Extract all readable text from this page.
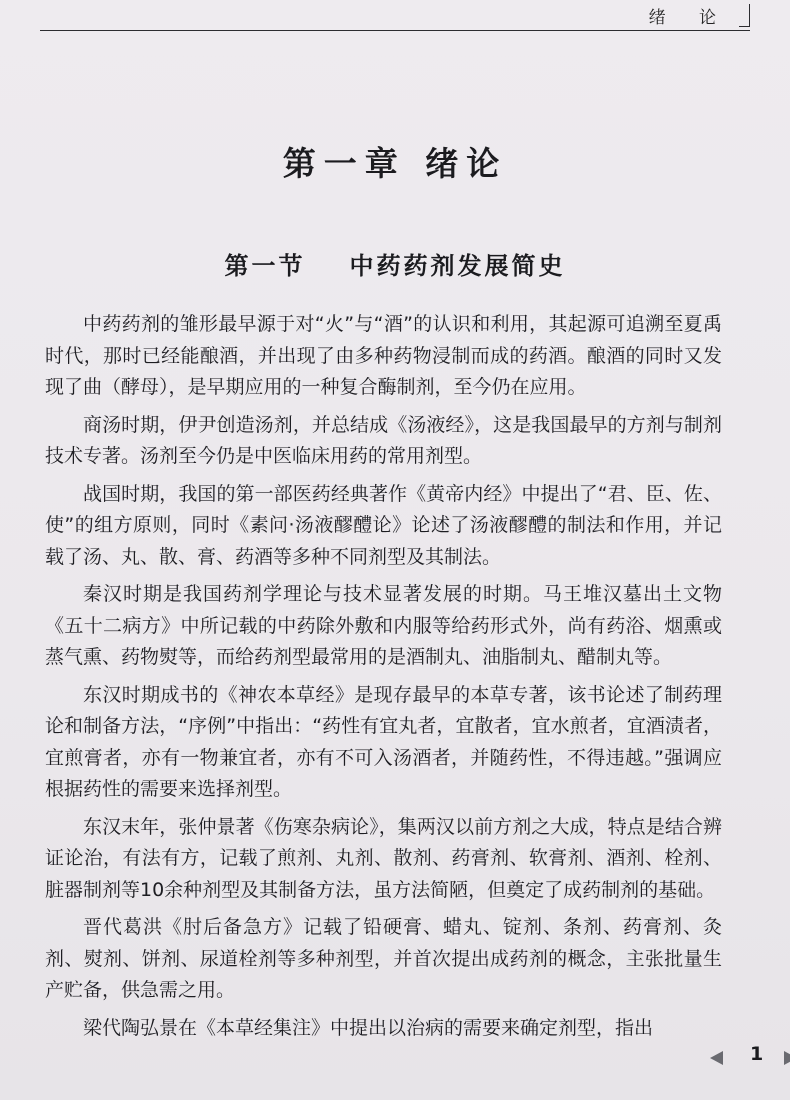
绪 论
第一章 绪论
第一节 中药药剂发展简史

中药药剂的雏形最早源于对“火”与“酒”的认识和利用，其起源可追溯至夏禹时代，那时已经能酿酒，并出现了由多种药物浸制而成的药酒。酿酒的同时又发现了曲（酵母），是早期应用的一种复合酶制剂，至今仍在应用。

商汤时期，伊尹创造汤剂，并总结成《汤液经》，这是我国最早的方剂与制剂技术专著。汤剂至今仍是中医临床用药的常用剂型。

战国时期，我国的第一部医药经典著作《黄帝内经》中提出了“君、臣、佐、使”的组方原则，同时《素问·汤液醪醴论》论述了汤液醪醴的制法和作用，并记载了汤、丸、散、膏、药酒等多种不同剂型及其制法。

秦汉时期是我国药剂学理论与技术显著发展的时期。马王堆汉墓出土文物《五十二病方》中所记载的中药除外敷和内服等给药形式外，尚有药浴、烟熏或蒸气熏、药物熨等，而给药剂型最常用的是酒制丸、油脂制丸、醋制丸等。

东汉时期成书的《神农本草经》是现存最早的本草专著，该书论述了制药理论和制备方法，“序例”中指出：“药性有宜丸者，宜散者，宜水煎者，宜酒渍者，宜煎膏者，亦有一物兼宜者，亦有不可入汤酒者，并随药性，不得违越。”强调应根据药性的需要来选择剂型。

东汉末年，张仲景著《伤寒杂病论》，集两汉以前方剂之大成，特点是结合辨证论治，有法有方，记载了煎剂、丸剂、散剂、药膏剂、软膏剂、酒剂、栓剂、脏器制剂等10余种剂型及其制备方法，虽方法简陋，但奠定了成药制剂的基础。

晋代葛洪《肘后备急方》记载了铅硬膏、蜡丸、锭剂、条剂、药膏剂、灸剂、熨剂、饼剂、尿道栓剂等多种剂型，并首次提出成药剂的概念，主张批量生产贮备，供急需之用。

梁代陶弘景在《本草经集注》中提出以治病的需要来确定剂型，指出

1
